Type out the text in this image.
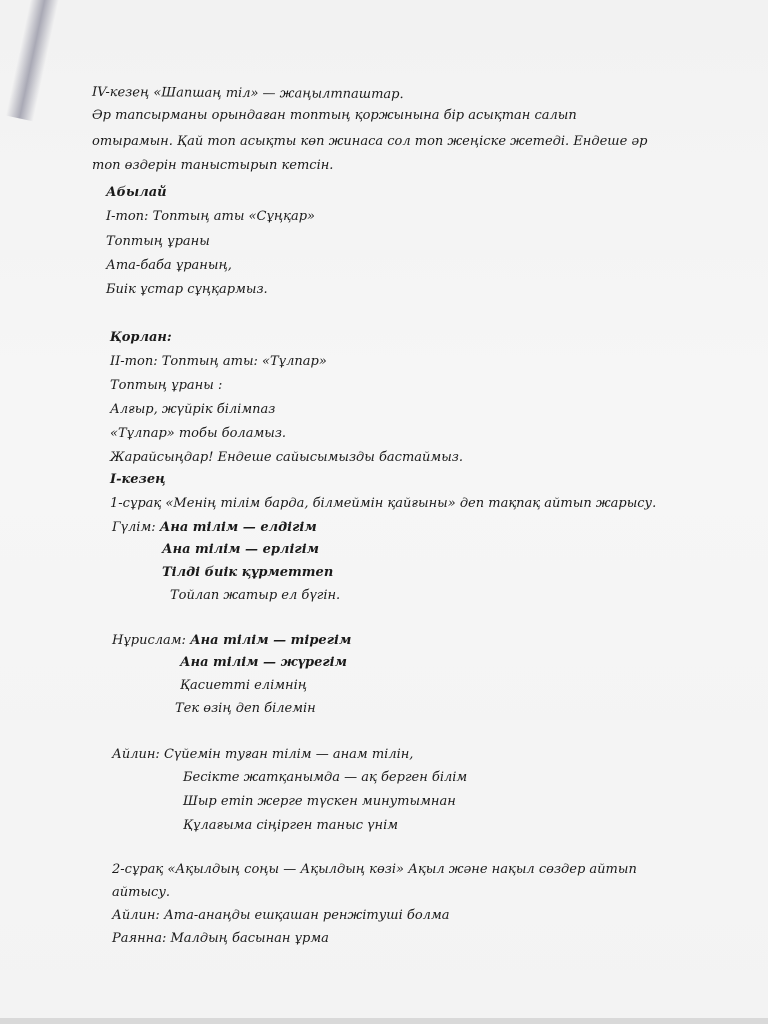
IV-кезең «Шапшаң тіл» — жаңылтпаштар.
Әр тапсырманы орындаған топтың қоржынына бір асықтан салып
отырамын. Қай топ асықты көп жинаса сол топ жеңіске жетеді. Ендеше әр
топ өздерін таныстырып кетсін.
Абылай
I-топ: Топтың аты «Сұңқар»
Топтың ұраны
Ата-баба ұраның,
Биік ұстар сұңқармыз.
Қорлан:
II-топ: Топтың аты: «Тұлпар»
Топтың ұраны :
Алғыр, жүйрік білімпаз
«Тұлпар» тобы боламыз.
Жарайсыңдар! Ендеше сайысымызды бастаймыз.
I-кезең
1-сұрақ «Менің тілім барда, білмеймін қайғыны» деп тақпақ айтып жарысу.
Гүлім: Ана тілім — елдігім
Ана тілім — ерлігім
Тілді биік құрметтеп
Тойлап жатыр ел бүгін.
Нұрислам: Ана тілім — тірегім
Ана тілім — жүрегім
Қасиетті елімнің
Тек өзің деп білемін
Айлин: Сүйемін туған тілім — анам тілін,
Бесікте жатқанымда — ақ берген білім
Шыр етіп жерге түскен минутымнан
Құлағыма сіңірген таныс үнім
2-сұрақ «Ақылдың соңы — Ақылдың көзі» Ақыл және нақыл сөздер айтып
айтысу.
Айлин: Ата-анаңды ешқашан ренжітуші болма
Раянна: Малдың басынан ұрма
